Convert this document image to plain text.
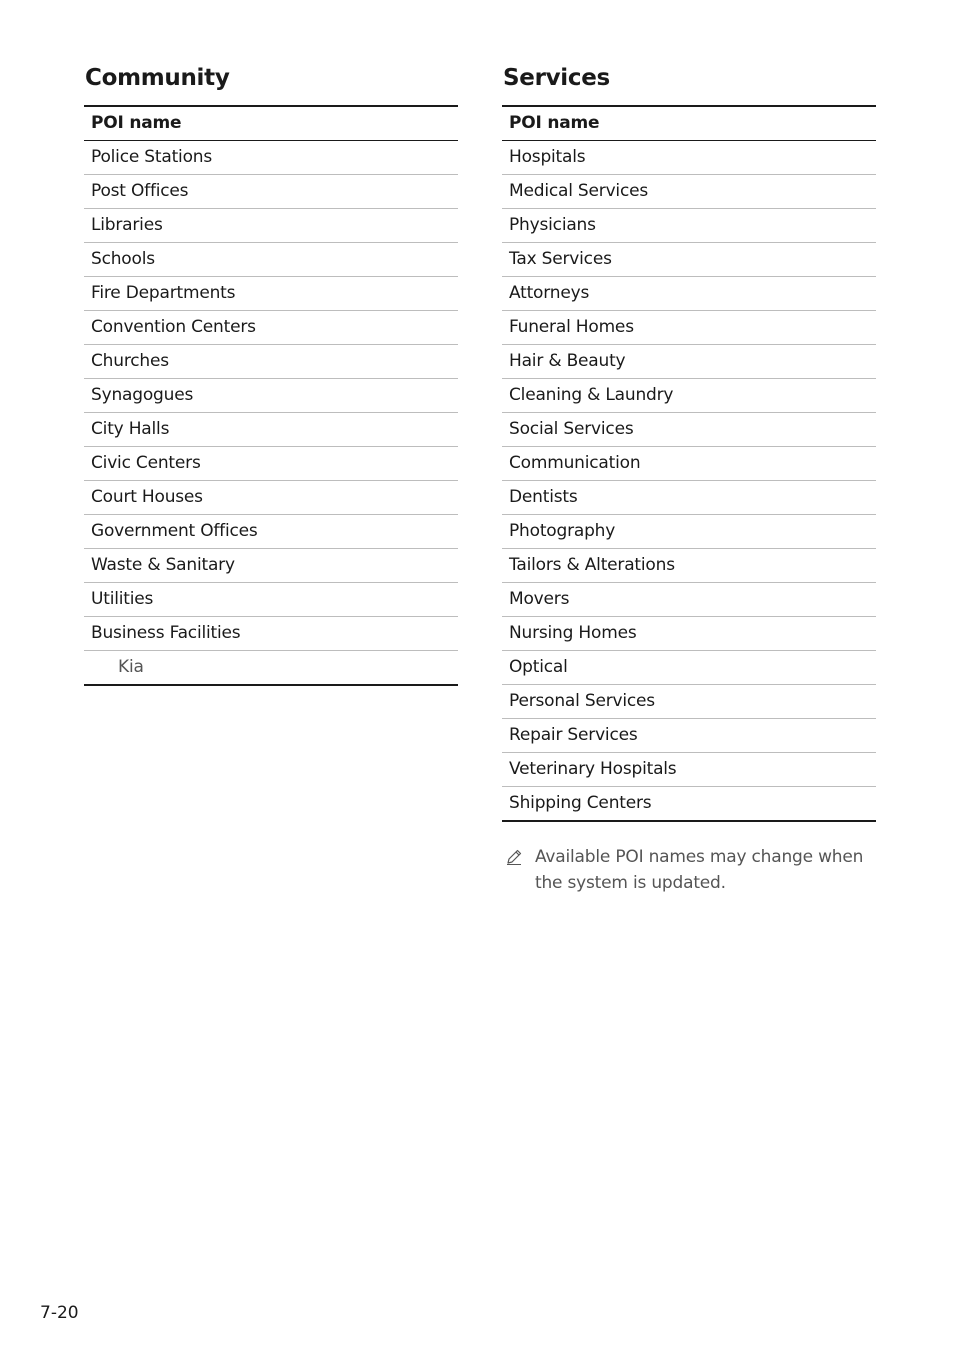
Community
POI name
Police Stations
Post Offices
Libraries
Schools
Fire Departments
Convention Centers
Churches
Synagogues
City Halls
Civic Centers
Court Houses
Government Offices
Waste & Sanitary
Utilities
Business Facilities
Kia
Services
POI name
Hospitals
Medical Services
Physicians
Tax Services
Attorneys
Funeral Homes
Hair & Beauty
Cleaning & Laundry
Social Services
Communication
Dentists
Photography
Tailors & Alterations
Movers
Nursing Homes
Optical
Personal Services
Repair Services
Veterinary Hospitals
Shipping Centers
Available POI names may change when the system is updated.
7-20
